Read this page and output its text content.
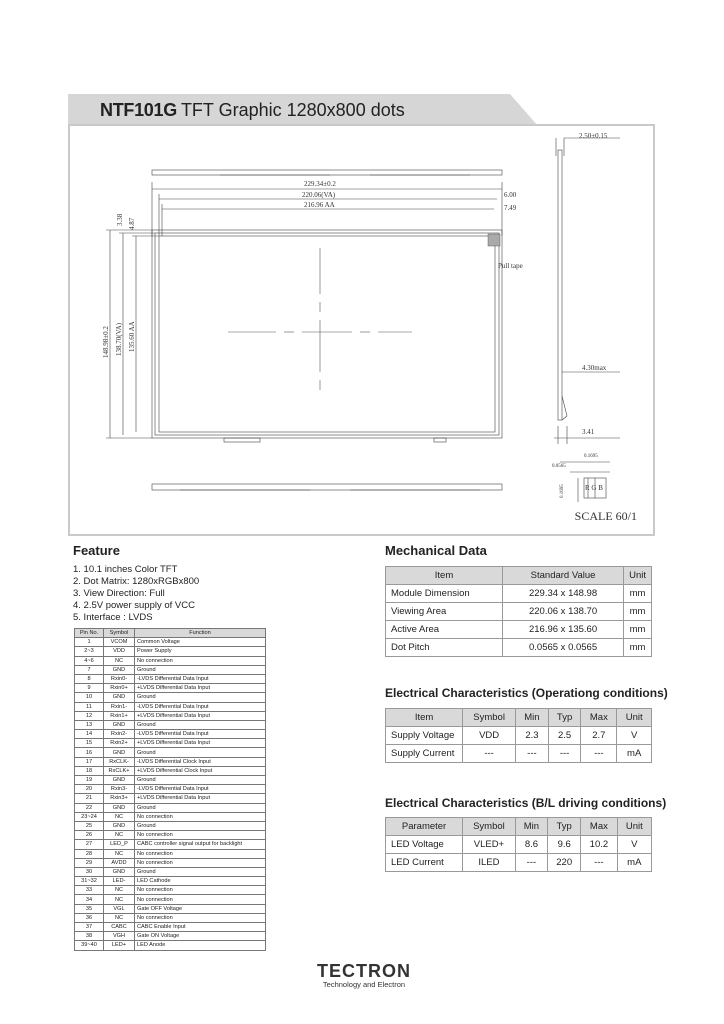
NTF101G TFT Graphic 1280x800 dots
2.50±0.15
229.34±0.2
220.06(VA)
216.96 AA
6.00
7.49
3.38 4.87
148.98±0.2 138.70(VA) 135.60 AA
Pull tape
4.30max
3.41
0.1695
0.0565
0.1695	R G B
SCALE 60/1
Feature
1. 10.1 inches Color TFT
2. Dot Matrix: 1280xRGBx800
3. View Direction: Full
4. 2.5V power supply of VCC
5. Interface : LVDS
Pin No.	Symbol	Function
1	VCOM	Common Voltage
2~3	VDD	Power Supply
4~6	NC	No connection
7	GND	Ground
8	Rxin0-	-LVDS Differential Data Input
9	Rxin0+	+LVDS Differential Data Input
10	GND	Ground
11	Rxin1-	-LVDS Differential Data Input
12	Rxin1+	+LVDS Differential Data Input
13	GND	Ground
14	Rxin2-	-LVDS Differential Data Input
15	Rxin2+	+LVDS Differential Data Input
16	GND	Ground
17	RxCLK-	-LVDS Differential Clock Input
18	RxCLK+	+LVDS Differential Clock Input
19	GND	Ground
20	Rxin3-	-LVDS Differential Data Input
21	Rxin3+	+LVDS Differential Data Input
22	GND	Ground
23~24	NC	No connection
25	GND	Ground
26	NC	No connection
27	LED_P	CABC controller signal output for backlight
28	NC	No connection
29	AVDD	No connection
30	GND	Ground
31~32	LED-	LED Cathode
33	NC	No connection
34	NC	No connection
35	VGL	Gate OFF Voltage
36	NC	No connection
37	CABC	CABC Enable Input
38	VGH	Gate ON Voltage
39~40	LED+	LED Anode
Mechanical Data
Item	Standard Value	Unit
Module Dimension	229.34 x 148.98	mm
Viewing Area	220.06 x 138.70	mm
Active Area	216.96 x 135.60	mm
Dot Pitch	0.0565 x 0.0565	mm
Electrical Characteristics (Operationg conditions)
Item	Symbol	Min	Typ	Max	Unit
Supply Voltage	VDD	2.3	2.5	2.7	V
Supply Current	---	---	---	---	mA
Electrical Characteristics (B/L driving conditions)
Parameter	Symbol	Min	Typ	Max	Unit
LED Voltage	VLED+	8.6	9.6	10.2	V
LED Current	ILED	---	220	---	mA
TECTRON
Technology and Electron
